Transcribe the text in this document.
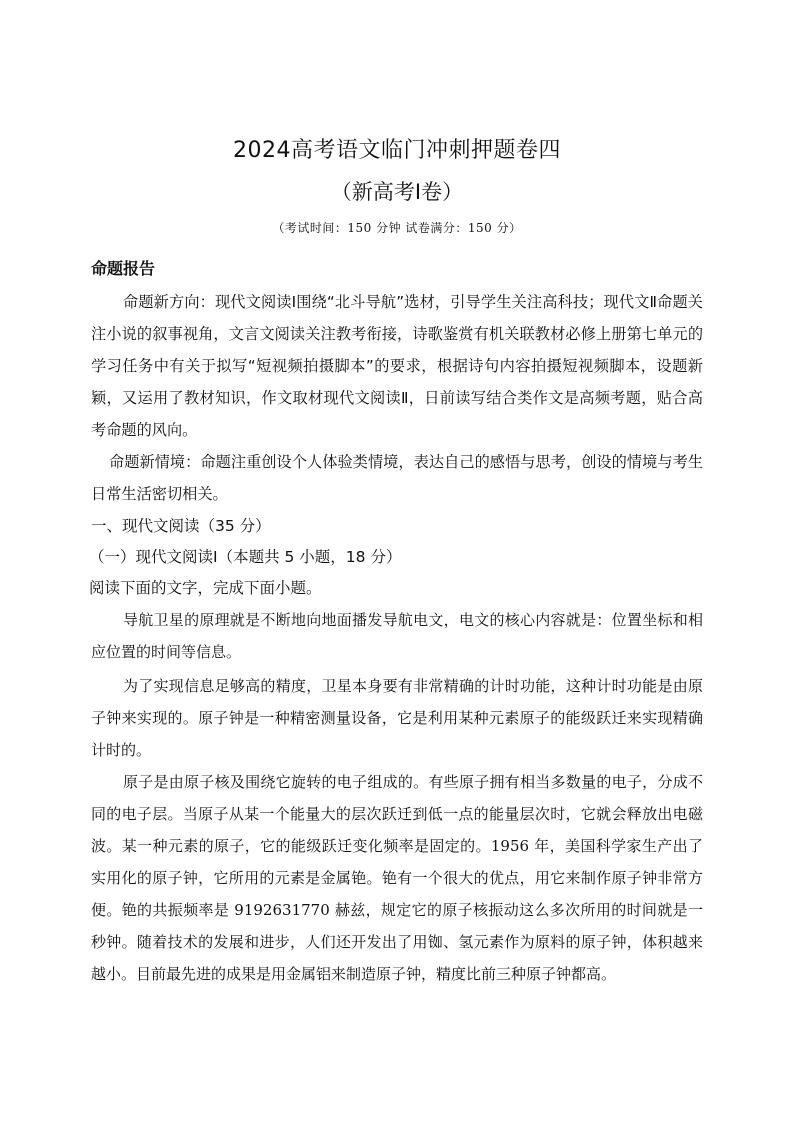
2024高考语文临门冲刺押题卷四
（新高考Ⅰ卷）
（考试时间：150 分钟 试卷满分：150 分）
命题报告

命题新方向：现代文阅读Ⅰ围绕“北斗导航”选材，引导学生关注高科技；现代文Ⅱ命题关注小说的叙事视角，文言文阅读关注教考衔接，诗歌鉴赏有机关联教材必修上册第七单元的学习任务中有关于拟写“短视频拍摄脚本”的要求，根据诗句内容拍摄短视频脚本，设题新颖，又运用了教材知识，作文取材现代文阅读Ⅱ，日前读写结合类作文是高频考题，贴合高考命题的风向。

命题新情境：命题注重创设个人体验类情境，表达自己的感悟与思考，创设的情境与考生日常生活密切相关。

一、现代文阅读（35 分）
（一）现代文阅读Ⅰ（本题共 5 小题，18 分）
阅读下面的文字，完成下面小题。

导航卫星的原理就是不断地向地面播发导航电文，电文的核心内容就是：位置坐标和相应位置的时间等信息。

为了实现信息足够高的精度，卫星本身要有非常精确的计时功能，这种计时功能是由原子钟来实现的。原子钟是一种精密测量设备，它是利用某种元素原子的能级跃迁来实现精确计时的。

原子是由原子核及围绕它旋转的电子组成的。有些原子拥有相当多数量的电子，分成不同的电子层。当原子从某一个能量大的层次跃迁到低一点的能量层次时，它就会释放出电磁波。某一种元素的原子，它的能级跃迁变化频率是固定的。1956 年，美国科学家生产出了实用化的原子钟，它所用的元素是金属铯。铯有一个很大的优点，用它来制作原子钟非常方便。铯的共振频率是 9192631770 赫兹，规定它的原子核振动这么多次所用的时间就是一秒钟。随着技术的发展和进步，人们还开发出了用铷、氢元素作为原料的原子钟，体积越来越小。目前最先进的成果是用金属铝来制造原子钟，精度比前三种原子钟都高。
